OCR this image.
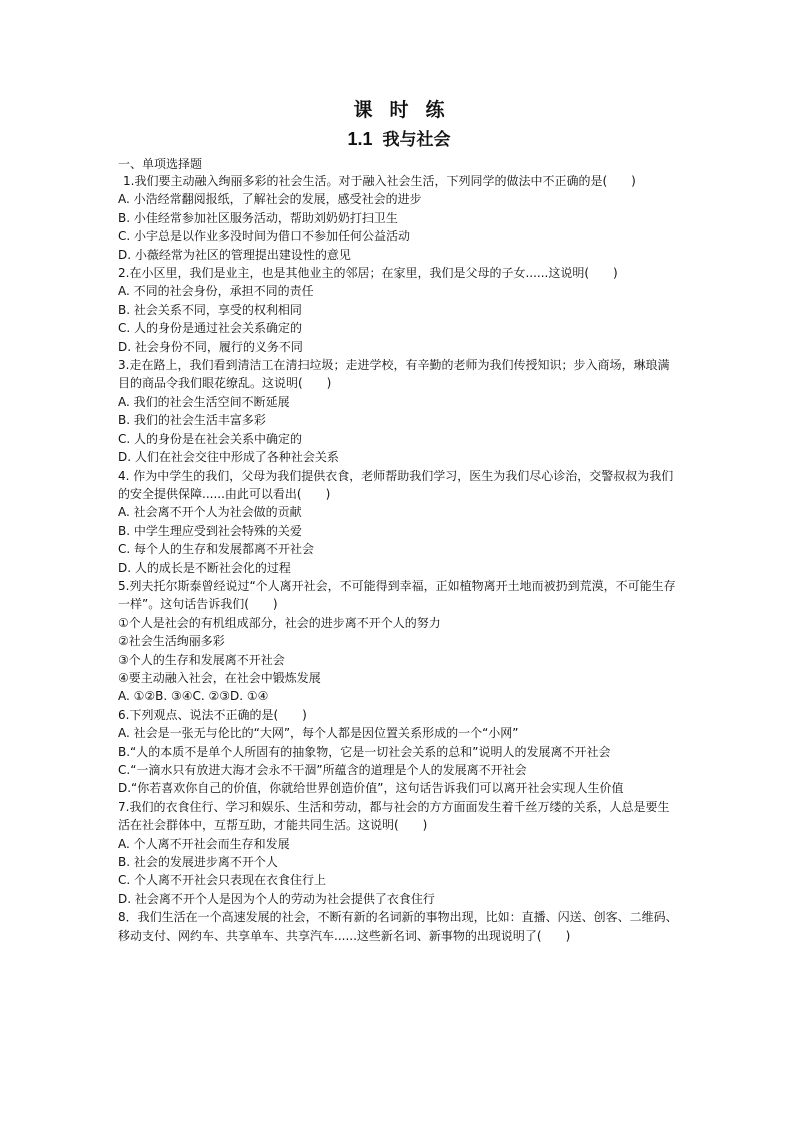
课时练
1.1 我与社会
一、单项选择题
1.我们要主动融入绚丽多彩的社会生活。对于融入社会生活，下列同学的做法中不正确的是(　　)
A. 小浩经常翻阅报纸，了解社会的发展，感受社会的进步
B. 小佳经常参加社区服务活动，帮助刘奶奶打扫卫生
C. 小宇总是以作业多没时间为借口不参加任何公益活动
D. 小薇经常为社区的管理提出建设性的意见
2.在小区里，我们是业主，也是其他业主的邻居；在家里，我们是父母的子女......这说明(　　)
A. 不同的社会身份，承担不同的责任
B. 社会关系不同，享受的权利相同
C. 人的身份是通过社会关系确定的
D. 社会身份不同，履行的义务不同
3.走在路上，我们看到清洁工在清扫垃圾；走进学校，有辛勤的老师为我们传授知识；步入商场，琳琅满目的商品令我们眼花缭乱。这说明(　　)
A. 我们的社会生活空间不断延展
B. 我们的社会生活丰富多彩
C. 人的身份是在社会关系中确定的
D. 人们在社会交往中形成了各种社会关系
4. 作为中学生的我们，父母为我们提供衣食，老师帮助我们学习，医生为我们尽心诊治，交警叔叔为我们的安全提供保障......由此可以看出(　　)
A. 社会离不开个人为社会做的贡献
B. 中学生理应受到社会特殊的关爱
C. 每个人的生存和发展都离不开社会
D. 人的成长是不断社会化的过程
5.列夫托尔斯泰曾经说过“个人离开社会，不可能得到幸福，正如植物离开土地而被扔到荒漠，不可能生存一样”。这句话告诉我们(　　)
①个人是社会的有机组成部分，社会的进步离不开个人的努力
②社会生活绚丽多彩
③个人的生存和发展离不开社会
④要主动融入社会，在社会中锻炼发展
A. ①②B. ③④C. ②③D. ①④
6.下列观点、说法不正确的是(　　)
A. 社会是一张无与伦比的“大网”，每个人都是因位置关系形成的一个“小网”
B.“人的本质不是单个人所固有的抽象物，它是一切社会关系的总和”说明人的发展离不开社会
C.“一滴水只有放进大海才会永不干涸”所蕴含的道理是个人的发展离不开社会
D.“你若喜欢你自己的价值，你就给世界创造价值”，这句话告诉我们可以离开社会实现人生价值
7.我们的衣食住行、学习和娱乐、生活和劳动，都与社会的方方面面发生着千丝万缕的关系，人总是要生活在社会群体中，互帮互助，才能共同生活。这说明(　　)
A. 个人离不开社会而生存和发展
B. 社会的发展进步离不开个人
C. 个人离不开社会只表现在衣食住行上
D. 社会离不开个人是因为个人的劳动为社会提供了衣食住行
8．我们生活在一个高速发展的社会，不断有新的名词新的事物出现，比如：直播、闪送、创客、二维码、移动支付、网约车、共享单车、共享汽车......这些新名词、新事物的出现说明了(　　)
